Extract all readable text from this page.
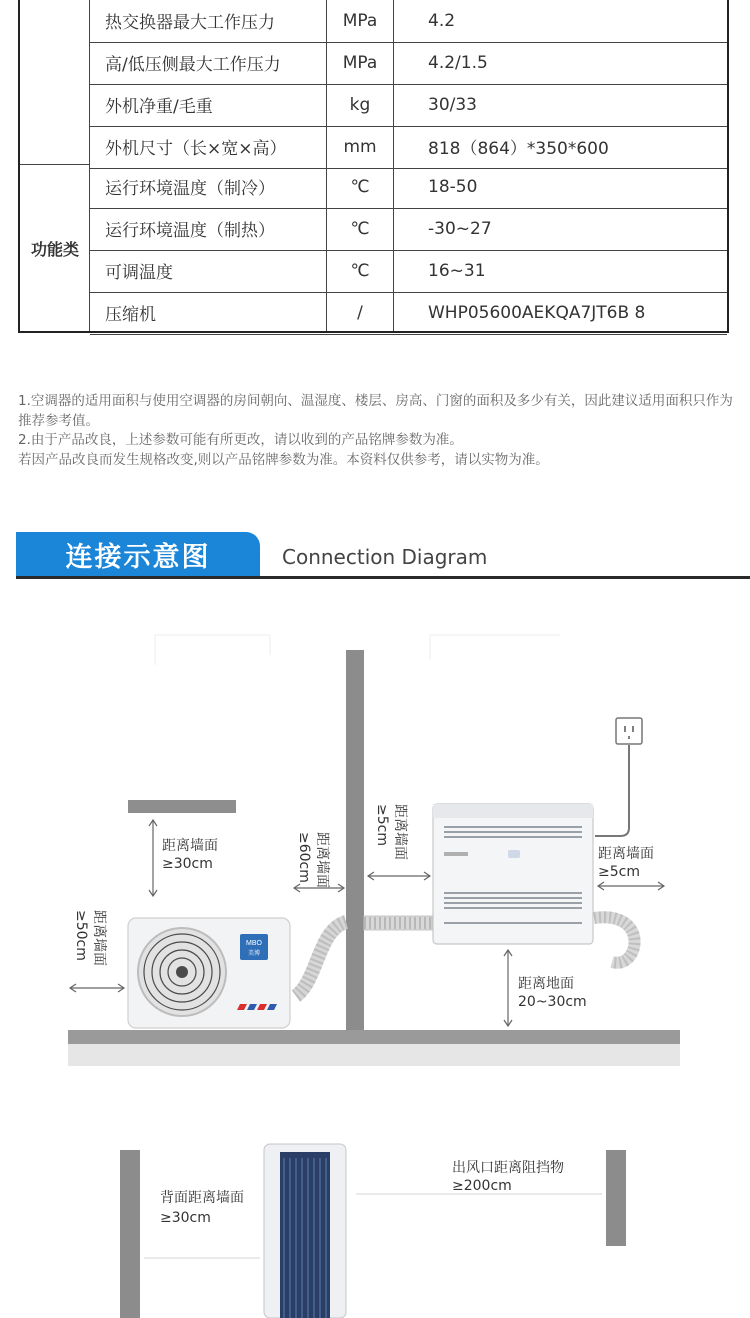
功能类
热交换器最大工作压力	MPa	4.2
高/低压侧最大工作压力	MPa	4.2/1.5
外机净重/毛重	kg	30/33
外机尺寸（长×宽×高）	mm	818（864）*350*600
运行环境温度（制冷）	℃	18-50
运行环境温度（制热）	℃	-30~27
可调温度	℃	16~31
压缩机	/	WHP05600AEKQA7JT6B 8

1.空调器的适用面积与使用空调器的房间朝向、温湿度、楼层、房高、门窗的面积及多少有关，因此建议适用面积只作为推荐参考值。

2.由于产品改良，上述参数可能有所更改，请以收到的产品铭牌参数为准。

若因产品改良而发生规格改变,则以产品铭牌参数为准。本资料仅供参考，请以实物为准。

连接示意图	Connection Diagram
MBO
美博
距离墙面
≥30cm
距离墙面
≥5cm
距离地面
20~30cm
距离墙面
≥50cm
距离墙面
≥60cm	距离墙面
≥5cm
背面距离墙面
≥30cm
出风口距离阻挡物
≥200cm
